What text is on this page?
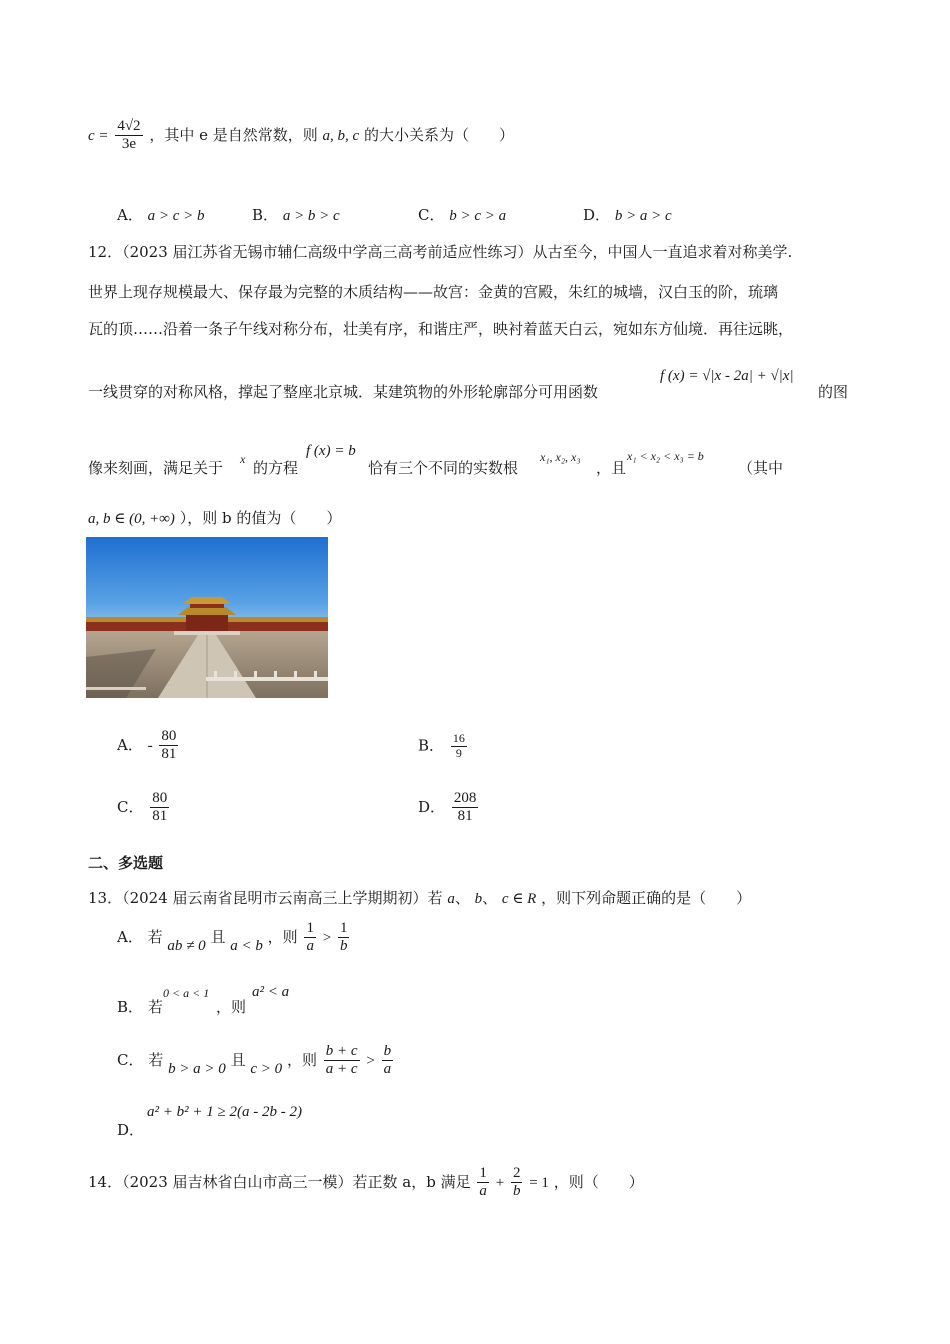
$c = \frac{4√2}{3e}$ ，其中 e 是自然常数，则 a, b, c 的大小关系为（　　）
A． a > c > b	B． a > b > c	C． b > c > a	D． b > a > c
12．（2023 届江苏省无锡市辅仁高级中学高三高考前适应性练习）从古至今，中国人一直追求着对称美学.
世界上现存规模最大、保存最为完整的木质结构——故宫：金黄的宫殿，朱红的城墙，汉白玉的阶，琉璃
瓦的顶……沿着一条子午线对称分布，壮美有序，和谐庄严，映衬着蓝天白云，宛如东方仙境．再往远眺，
一线贯穿的对称风格，撑起了整座北京城．某建筑物的外形轮廓部分可用函数
f (x) = √|x - 2a| + √|x|
的图
像来刻画，满足关于 x 的方程
f (x) = b
恰有三个不同的实数根
x₁, x₂, x₃
，且
x₁ < x₂ < x₃ = b
（其中
a, b ∈ (0, +∞) ），则 b 的值为（　　）
A． - $\frac{80}{81}$	B． $\frac{16}{9}$
C． $\frac{80}{81}$	D． $\frac{208}{81}$
二、多选题
13．（2024 届云南省昆明市云南高三上学期期初）若 a、 b、 c ∈ R ，则下列命题正确的是（　　）
A． 若 ab ≠ 0 且 a < b ，则 $\frac{1}{a} > \frac{1}{b}$
B． 若
0 < a < 1
，则
a² < a
C． 若 b > a > 0 且 c > 0 ，则 $\frac{b + c}{a + c} > \frac{b}{a}$
a² + b² + 1 ≥ 2(a - 2b - 2)
D．
14．（2023 届吉林省白山市高三一模）若正数 a，b 满足 $\frac{1}{a} + \frac{2}{b} = 1$ ，则（　　）
